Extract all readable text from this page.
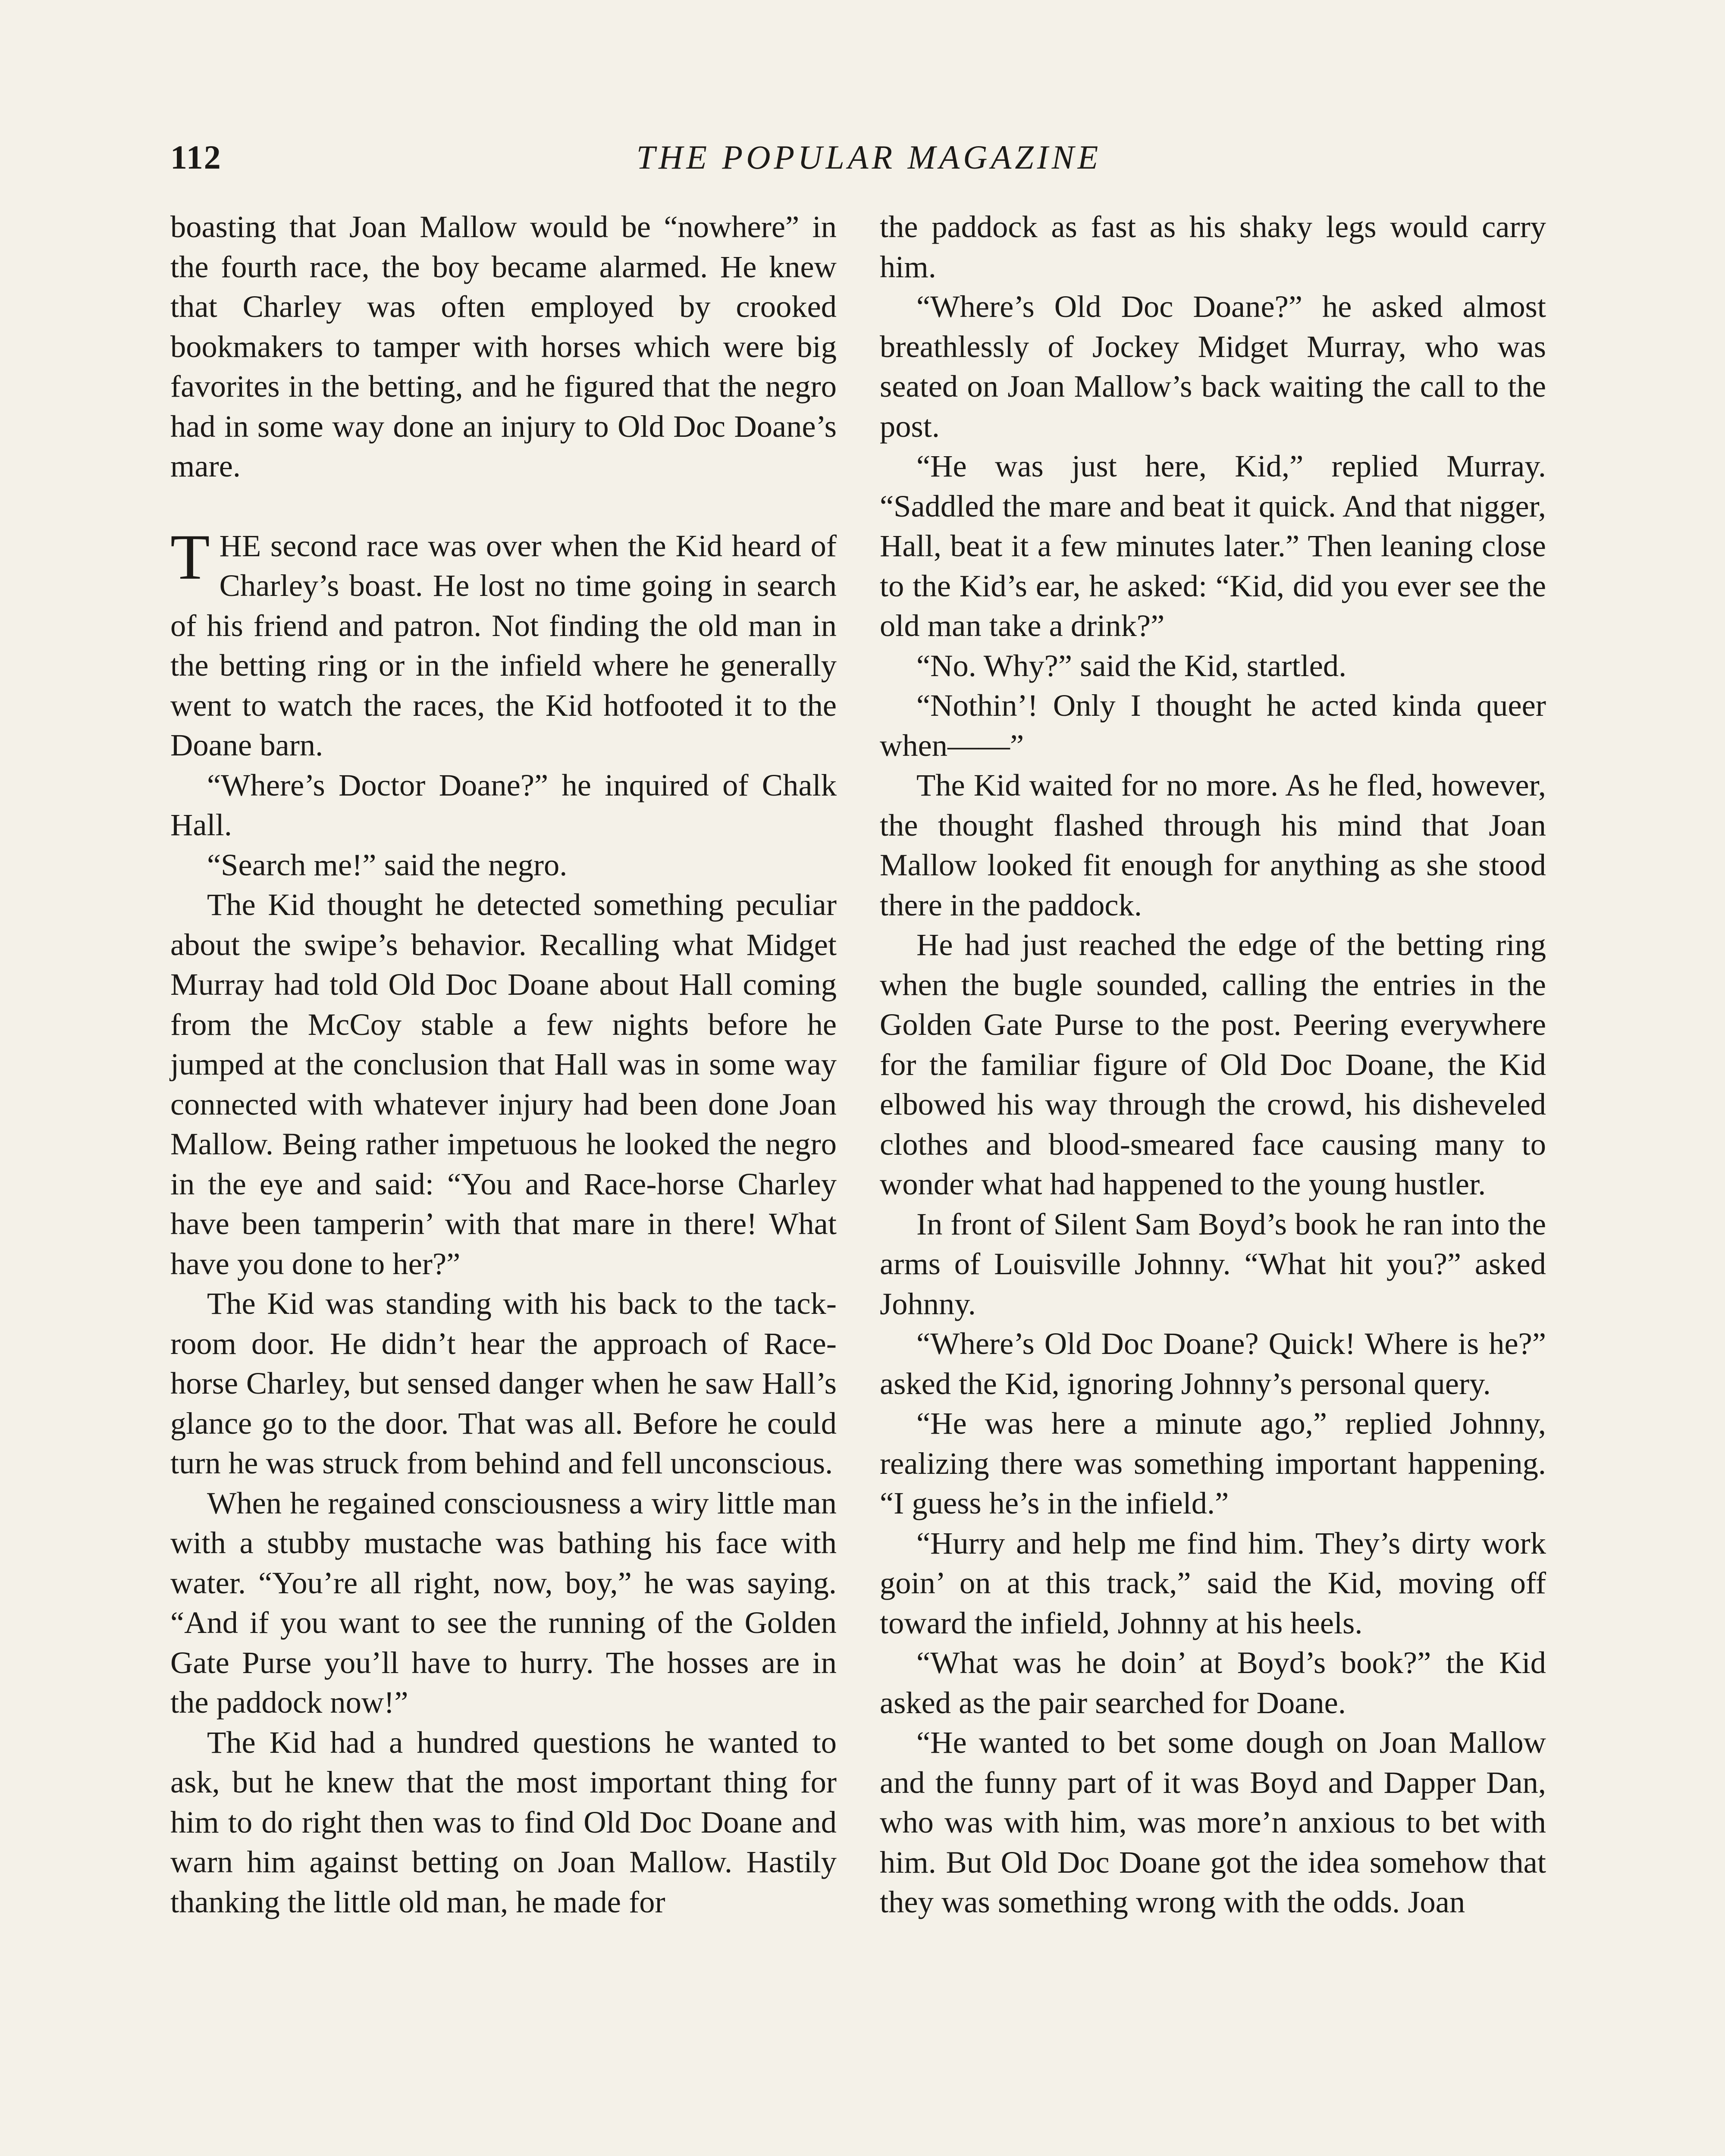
112	THE POPULAR MAGAZINE

boasting that Joan Mallow would be “nowhere” in the fourth race, the boy became alarmed. He knew that Charley was often employed by crooked bookmakers to tamper with horses which were big favorites in the betting, and he figured that the negro had in some way done an injury to Old Doc Doane’s mare.

THE second race was over when the Kid heard of Charley’s boast. He lost no time going in search of his friend and patron. Not finding the old man in the betting ring or in the infield where he generally went to watch the races, the Kid hotfooted it to the Doane barn.

“Where’s Doctor Doane?” he inquired of Chalk Hall.

“Search me!” said the negro.

The Kid thought he detected something peculiar about the swipe’s behavior. Recalling what Midget Murray had told Old Doc Doane about Hall coming from the McCoy stable a few nights before he jumped at the conclusion that Hall was in some way connected with whatever injury had been done Joan Mallow. Being rather impetuous he looked the negro in the eye and said: “You and Race-horse Charley have been tamperin’ with that mare in there! What have you done to her?”

The Kid was standing with his back to the tack-room door. He didn’t hear the approach of Race-horse Charley, but sensed danger when he saw Hall’s glance go to the door. That was all. Before he could turn he was struck from behind and fell unconscious.

When he regained consciousness a wiry little man with a stubby mustache was bathing his face with water. “You’re all right, now, boy,” he was saying. “And if you want to see the running of the Golden Gate Purse you’ll have to hurry. The hosses are in the paddock now!”

The Kid had a hundred questions he wanted to ask, but he knew that the most important thing for him to do right then was to find Old Doc Doane and warn him against betting on Joan Mallow. Hastily thanking the little old man, he made for

the paddock as fast as his shaky legs would carry him.

“Where’s Old Doc Doane?” he asked almost breathlessly of Jockey Midget Murray, who was seated on Joan Mallow’s back waiting the call to the post.

“He was just here, Kid,” replied Murray. “Saddled the mare and beat it quick. And that nigger, Hall, beat it a few minutes later.” Then leaning close to the Kid’s ear, he asked: “Kid, did you ever see the old man take a drink?”

“No. Why?” said the Kid, startled.

“Nothin’! Only I thought he acted kinda queer when——”

The Kid waited for no more. As he fled, however, the thought flashed through his mind that Joan Mallow looked fit enough for anything as she stood there in the paddock.

He had just reached the edge of the betting ring when the bugle sounded, calling the entries in the Golden Gate Purse to the post. Peering everywhere for the familiar figure of Old Doc Doane, the Kid elbowed his way through the crowd, his disheveled clothes and blood-smeared face causing many to wonder what had happened to the young hustler.

In front of Silent Sam Boyd’s book he ran into the arms of Louisville Johnny. “What hit you?” asked Johnny.

“Where’s Old Doc Doane? Quick! Where is he?” asked the Kid, ignoring Johnny’s personal query.

“He was here a minute ago,” replied Johnny, realizing there was something important happening. “I guess he’s in the infield.”

“Hurry and help me find him. They’s dirty work goin’ on at this track,” said the Kid, moving off toward the infield, Johnny at his heels.

“What was he doin’ at Boyd’s book?” the Kid asked as the pair searched for Doane.

“He wanted to bet some dough on Joan Mallow and the funny part of it was Boyd and Dapper Dan, who was with him, was more’n anxious to bet with him. But Old Doc Doane got the idea somehow that they was something wrong with the odds. Joan
